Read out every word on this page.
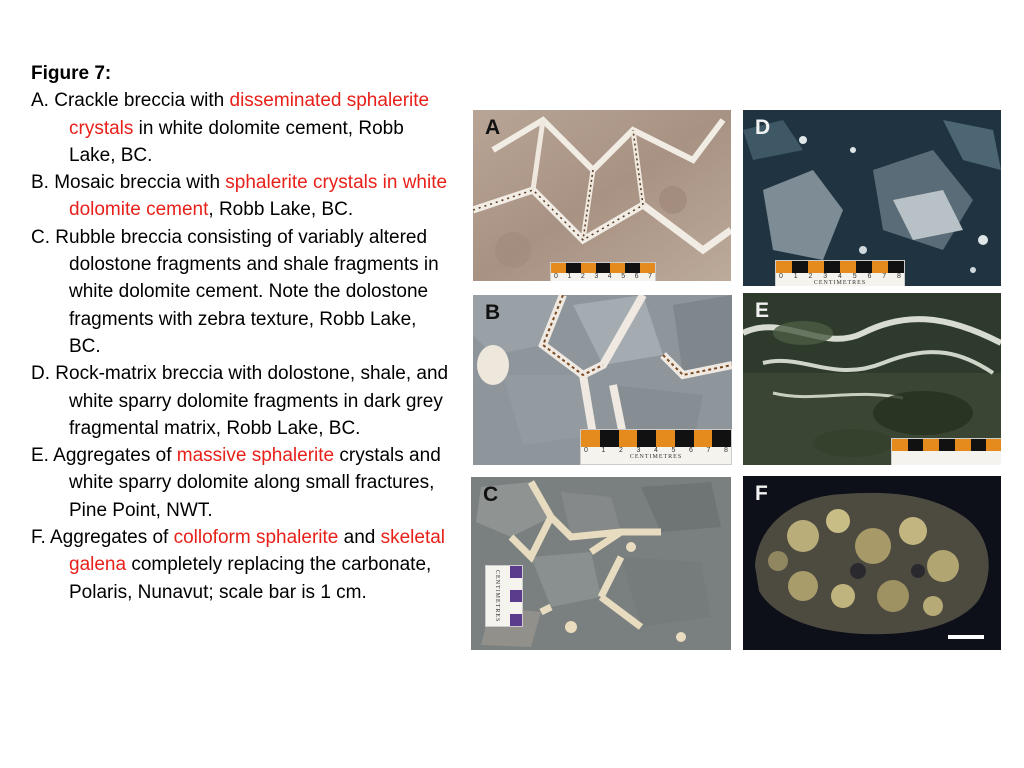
Figure 7:
A. Crackle breccia with disseminated sphalerite crystals in white dolomite cement, Robb Lake, BC.
B. Mosaic breccia with sphalerite crystals in white dolomite cement, Robb Lake, BC.
C. Rubble breccia consisting of variably altered dolostone fragments and shale fragments in white dolomite cement. Note the dolostone fragments with zebra texture, Robb Lake, BC.
D. Rock-matrix breccia with dolostone, shale, and white sparry dolomite fragments in dark grey fragmental matrix, Robb Lake, BC.
E. Aggregates of massive sphalerite crystals and white sparry dolomite along small fractures, Pine Point, NWT.
F. Aggregates of colloform sphalerite and skeletal galena completely replacing the carbonate, Polaris, Nunavut; scale bar is 1 cm.
A
0 1 2 3 4 5 6 7
D
0 1 2 3 4 5 6 7 8
CENTIMETRES
B
0 1 2 3 4 5 6 7 8
CENTIMETRES
E
C
CENTIMETRES
F
